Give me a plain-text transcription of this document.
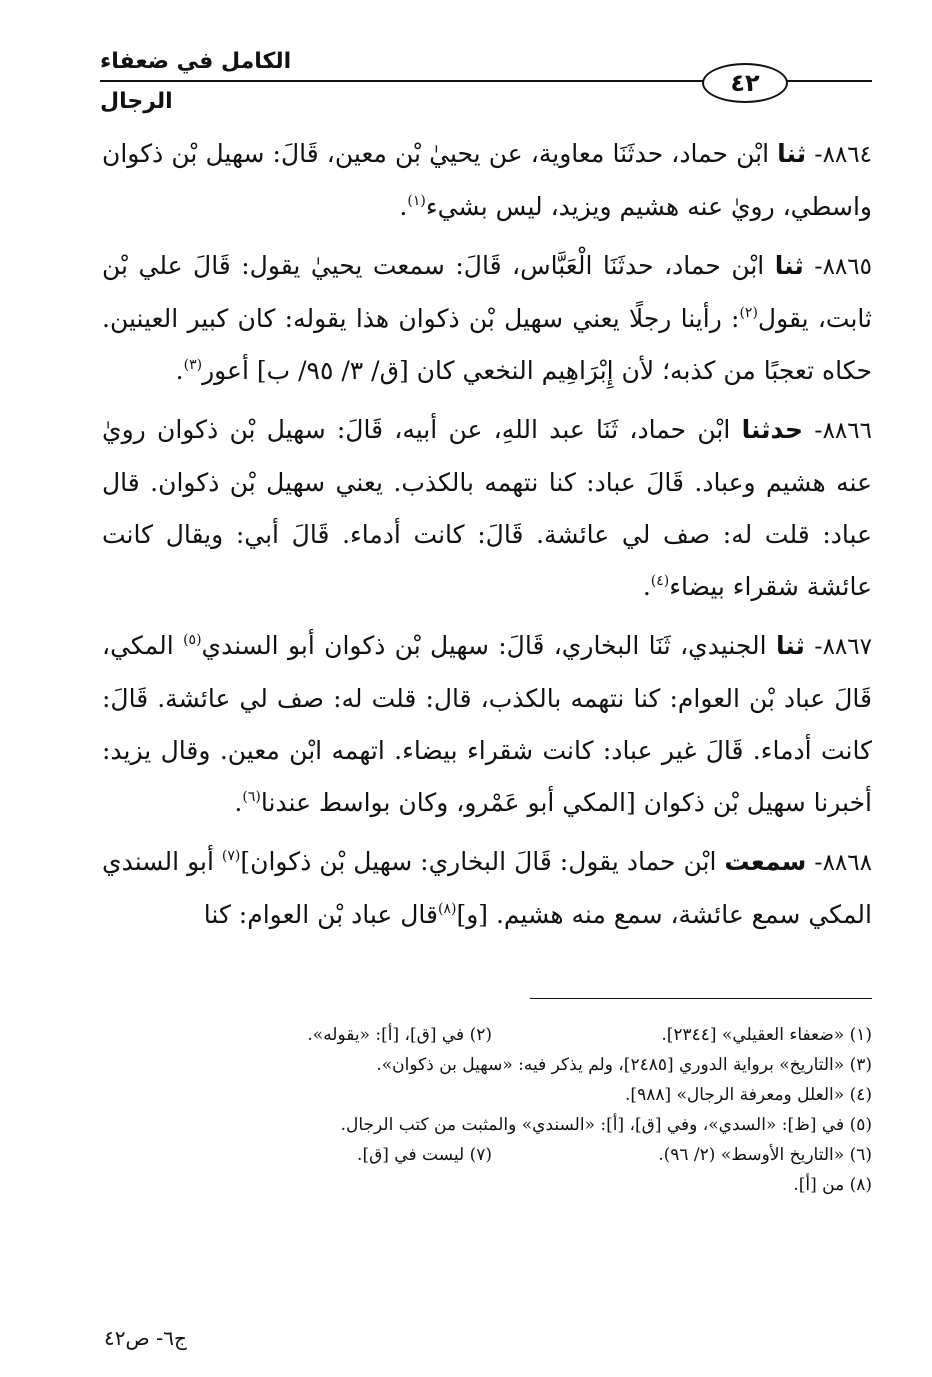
الكامل في ضعفاء الرجال
٤٢

٨٨٦٤- ثنا ابْن حماد، حدثَنَا معاوية، عن يحييٰ بْن معين، قَالَ: سهيل بْن ذكوان واسطي، رويٰ عنه هشيم ويزيد، ليس بشيء$^{(١)}$.

٨٨٦٥- ثنا ابْن حماد، حدثَنَا الْعَبَّاس، قَالَ: سمعت يحييٰ يقول: قَالَ علي بْن ثابت، يقول$^{(٢)}$: رأينا رجلًا يعني سهيل بْن ذكوان هذا يقوله: كان كبير العينين. حكاه تعجبًا من كذبه؛ لأن إِبْرَاهِيم النخعي كان [ق/ ٣/ ٩٥/ ب] أعور$^{(٣)}$.

٨٨٦٦- حدثنا ابْن حماد، ثَنَا عبد اللهِ، عن أبيه، قَالَ: سهيل بْن ذكوان رويٰ عنه هشيم وعباد. قَالَ عباد: كنا نتهمه بالكذب. يعني سهيل بْن ذكوان. قال عباد: قلت له: صف لي عائشة. قَالَ: كانت أدماء. قَالَ أبي: ويقال كانت عائشة شقراء بيضاء$^{(٤)}$.

٨٨٦٧- ثنا الجنيدي، ثَنَا البخاري، قَالَ: سهيل بْن ذكوان أبو السندي$^{(٥)}$ المكي، قَالَ عباد بْن العوام: كنا نتهمه بالكذب، قال: قلت له: صف لي عائشة. قَالَ: كانت أدماء. قَالَ غير عباد: كانت شقراء بيضاء. اتهمه ابْن معين. وقال يزيد: أخبرنا سهيل بْن ذكوان [المكي أبو عَمْرو، وكان بواسط عندنا$^{(٦)}$.

٨٨٦٨- سمعت ابْن حماد يقول: قَالَ البخاري: سهيل بْن ذكوان]$^{(٧)}$ أبو السندي المكي سمع عائشة، سمع منه هشيم. [و]$^{(٨)}$قال عباد بْن العوام: كنا

(١) «ضعفاء العقيلي» [٢٣٤٤].
(٢) في [ق]، [أ]: «يقوله».
(٣) «التاريخ» برواية الدوري [٢٤٨٥]، ولم يذكر فيه: «سهيل بن ذكوان».
(٤) «العلل ومعرفة الرجال» [٩٨٨].
(٥) في [ظ]: «السدي»، وفي [ق]، [أ]: «السندي» والمثبت من كتب الرجال.
(٦) «التاريخ الأوسط» (٢/ ٩٦).
(٧) ليست في [ق].
(٨) من [أ].
ج٦- ص٤٢
